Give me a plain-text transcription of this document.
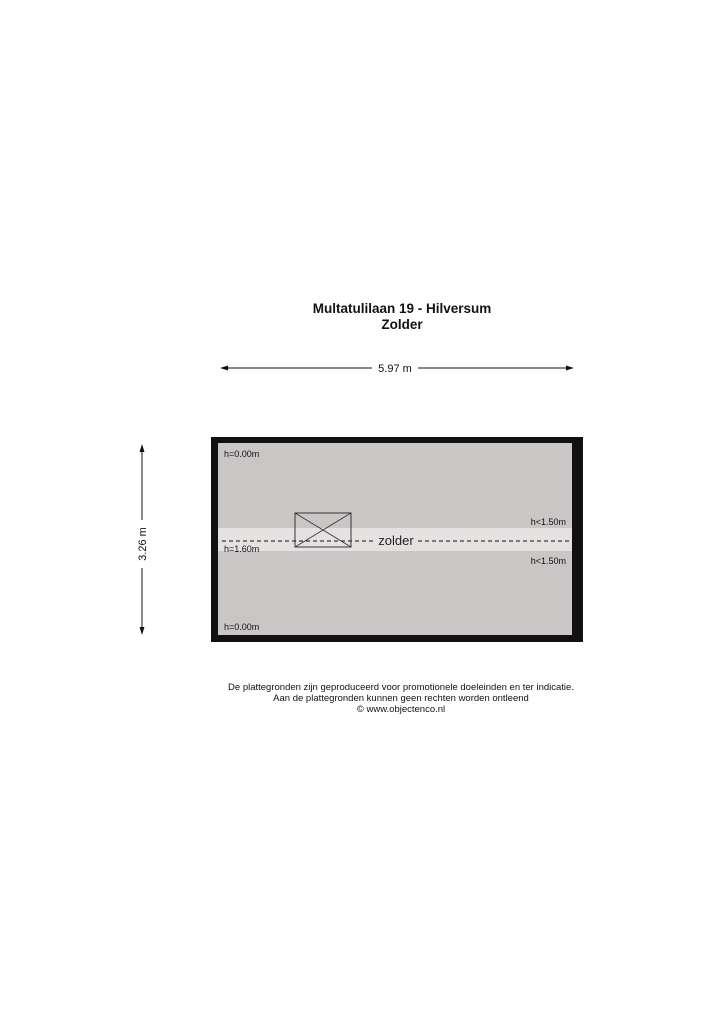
Multatulilaan 19 - Hilversum
Zolder
5.97 m
3.26 m	zolder
h=0.00m
h=1.60m
h=0.00m
h<1.50m
h<1.50m
De plattegronden zijn geproduceerd voor promotionele doeleinden en ter indicatie.
Aan de plattegronden kunnen geen rechten worden ontleend
© www.objectenco.nl
